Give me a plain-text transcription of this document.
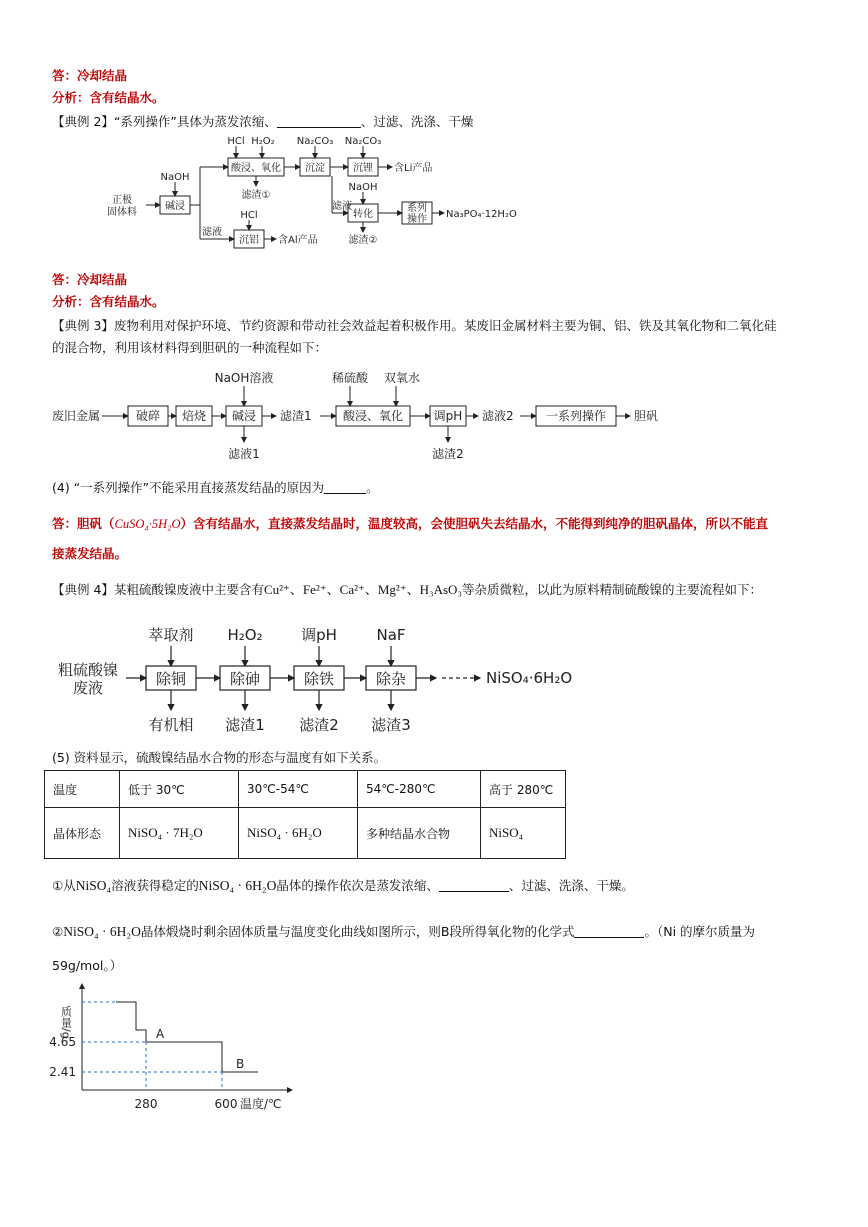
答：冷却结晶
分析：含有结晶水。
【典例 2】“系列操作”具体为蒸发浓缩、	、过滤、洗涤、干燥
正极
固体料
NaOH
碱浸
HCl H₂O₂
酸浸、氧化
Na₂CO₃
沉淀
Na₂CO₃
沉锂 含Li产品
滤渣①
滤液
HCl
沉铝 含Al产品
滤液
NaOH
转化
系列
操作 Na₃PO₄·12H₂O
滤渣②
答：冷却结晶
分析：含有结晶水。
【典例 3】废物利用对保护环境、节约资源和带动社会效益起着积极作用。某废旧金属材料主要为铜、铝、铁及其氧化物和二氧化硅
的混合物，利用该材料得到胆矾的一种流程如下：
废旧金属	破碎 焙烧 碱浸
NaOH溶液
滤液1
滤渣1
稀硫酸 双氧水
酸浸、氧化	调pH
滤渣2
滤液2	一系列操作 胆矾
(4) “一系列操作”不能采用直接蒸发结晶的原因为	。
答：胆矾（CuSO₄·5H₂O）含有结晶水，直接蒸发结晶时，温度较高，会使胆矾失去结晶水，不能得到纯净的胆矾晶体，所以不能直
接蒸发结晶。
【典例 4】某粗硫酸镍废液中主要含有Cu²⁺、Fe²⁺、Ca²⁺、Mg²⁺、H₃AsO₃等杂质微粒，以此为原料精制硫酸镍的主要流程如下：
粗硫酸镍
废液
萃取剂 H₂O₂	调pH	NaF
除铜	除砷	除铁	除杂
有机相 滤渣1 滤渣2 滤渣3
NiSO₄·6H₂O
(5) 资料显示，硫酸镍结晶水合物的形态与温度有如下关系。
温度	低于 30℃	30℃-54℃	54℃-280℃	高于 280℃
晶体形态	NiSO₄ · 7H₂O	NiSO₄ · 6H₂O	多种结晶水合物	NiSO₄
①从NiSO₄溶液获得稳定的NiSO₄ · 6H₂O晶体的操作依次是蒸发浓缩、	、过滤、洗涤、干燥。
②NiSO₄ · 6H₂O晶体煅烧时剩余固体质量与温度变化曲线如图所示，则B段所得氧化物的化学式	。（Ni 的摩尔质量为
59g/mol。）
质量/g
4.65
2.41
280	600 温度/℃
A
B
